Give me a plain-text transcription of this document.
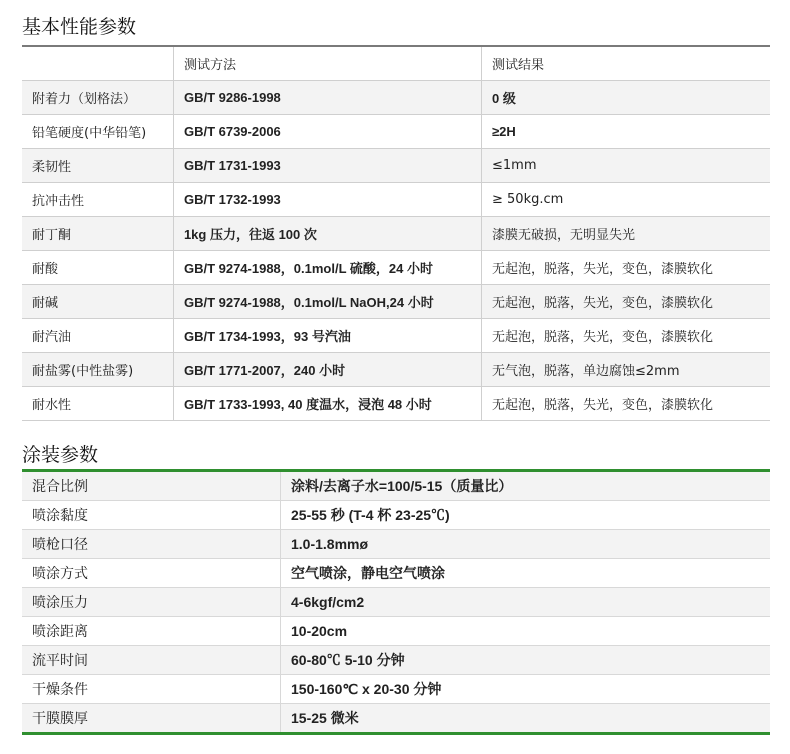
基本性能参数
	测试方法	测试结果
附着力（划格法）	GB/T 9286-1998	0 级
铅笔硬度(中华铅笔)	GB/T 6739-2006	≥2H
柔韧性	GB/T 1731-1993	≤1mm
抗冲击性	GB/T 1732-1993	≥ 50kg.cm
耐丁酮	1kg 压力，往返 100 次	漆膜无破损，无明显失光
耐酸	GB/T 9274-1988，0.1mol/L 硫酸，24 小时	无起泡，脱落，失光，变色，漆膜软化
耐碱	GB/T 9274-1988，0.1mol/L NaOH,24 小时	无起泡，脱落，失光，变色，漆膜软化
耐汽油	GB/T 1734-1993，93 号汽油	无起泡，脱落，失光，变色，漆膜软化
耐盐雾(中性盐雾)	GB/T 1771-2007，240 小时	无气泡，脱落，单边腐蚀≤2mm
耐水性	GB/T 1733-1993, 40 度温水，浸泡 48 小时	无起泡，脱落，失光，变色，漆膜软化
涂装参数
混合比例	涂料/去离子水=100/5-15（质量比）
喷涂黏度	25-55 秒 (T-4 杯 23-25℃)
喷枪口径	1.0-1.8mmø
喷涂方式	空气喷涂，静电空气喷涂
喷涂压力	4-6kgf/cm2
喷涂距离	10-20cm
流平时间	60-80℃ 5-10 分钟
干燥条件	150-160℃ x 20-30 分钟
干膜膜厚	15-25 微米
